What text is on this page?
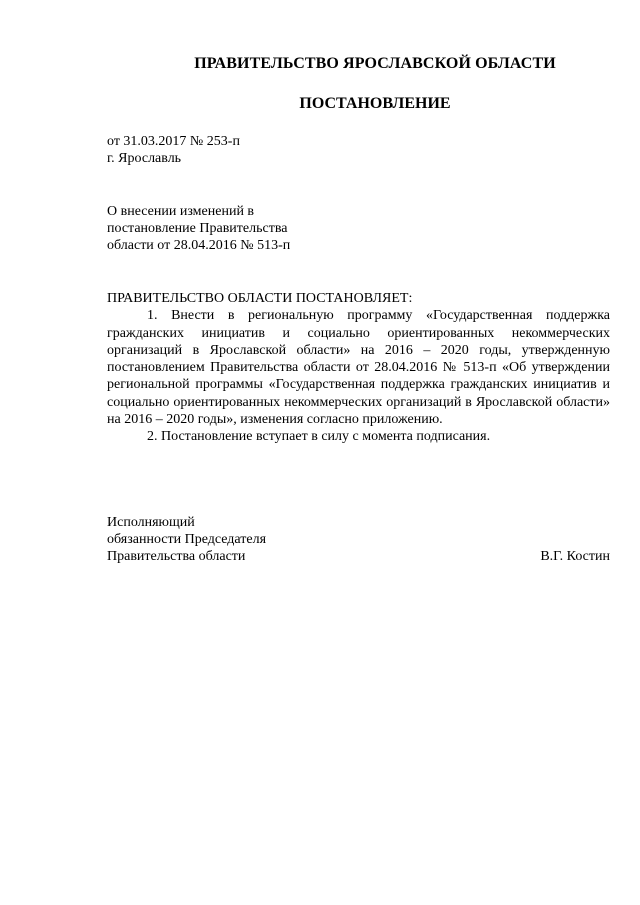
ПРАВИТЕЛЬСТВО ЯРОСЛАВСКОЙ ОБЛАСТИ
ПОСТАНОВЛЕНИЕ
от 31.03.2017 № 253-п
г. Ярославль
О внесении изменений в
постановление Правительства
области от 28.04.2016 № 513-п
ПРАВИТЕЛЬСТВО ОБЛАСТИ ПОСТАНОВЛЯЕТ:
1. Внести в региональную программу «Государственная поддержка гражданских инициатив и социально ориентированных некоммерческих организаций в Ярославской области» на 2016 – 2020 годы, утвержденную постановлением Правительства области от 28.04.2016 № 513-п «Об утверждении региональной программы «Государственная поддержка гражданских инициатив и социально ориентированных некоммерческих организаций в Ярославской области» на 2016 – 2020 годы», изменения согласно приложению.
2. Постановление вступает в силу с момента подписания.
Исполняющий
обязанности Председателя
Правительства области	В.Г. Костин
